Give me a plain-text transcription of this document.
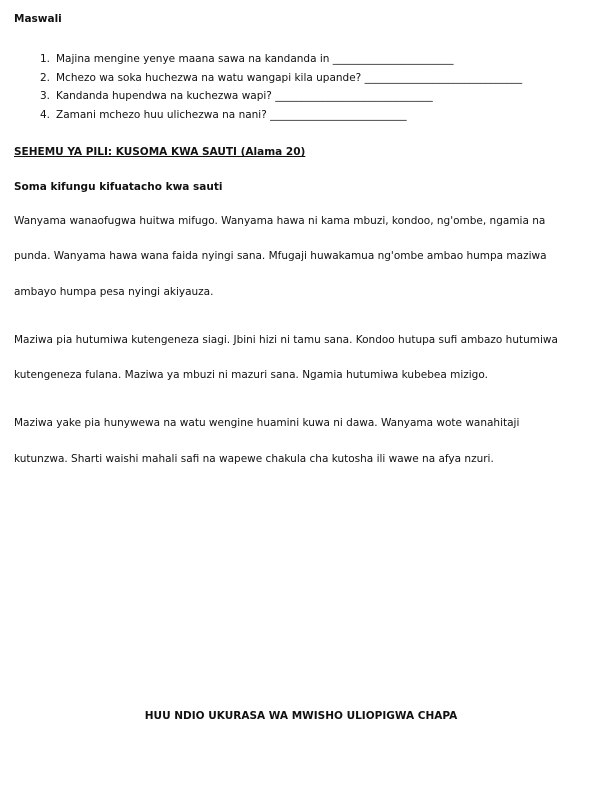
Maswali
1. Majina mengine yenye maana sawa na kandanda in _______________________
2. Mchezo wa soka huchezwa na watu wangapi kila upande? ______________________________
3. Kandanda hupendwa na kuchezwa wapi? ______________________________
4. Zamani mchezo huu ulichezwa na nani? __________________________
SEHEMU YA PILI: KUSOMA KWA SAUTI (Alama 20)
Soma kifungu kifuatacho kwa sauti
Wanyama wanaofugwa huitwa mifugo. Wanyama hawa ni kama mbuzi, kondoo, ng'ombe, ngamia na
punda. Wanyama hawa wana faida nyingi sana. Mfugaji huwakamua ng'ombe ambao humpa maziwa
ambayo humpa pesa nyingi akiyauza.
Maziwa pia hutumiwa kutengeneza siagi. Jbini hizi ni tamu sana. Kondoo hutupa sufi ambazo hutumiwa
kutengeneza fulana. Maziwa ya mbuzi ni mazuri sana. Ngamia hutumiwa kubebea mizigo.
Maziwa yake pia hunywewa na watu wengine huamini kuwa ni dawa. Wanyama wote wanahitaji
kutunzwa. Sharti waishi mahali safi na wapewe chakula cha kutosha ili wawe na afya nzuri.
HUU NDIO UKURASA WA MWISHO ULIOPIGWA CHAPA
